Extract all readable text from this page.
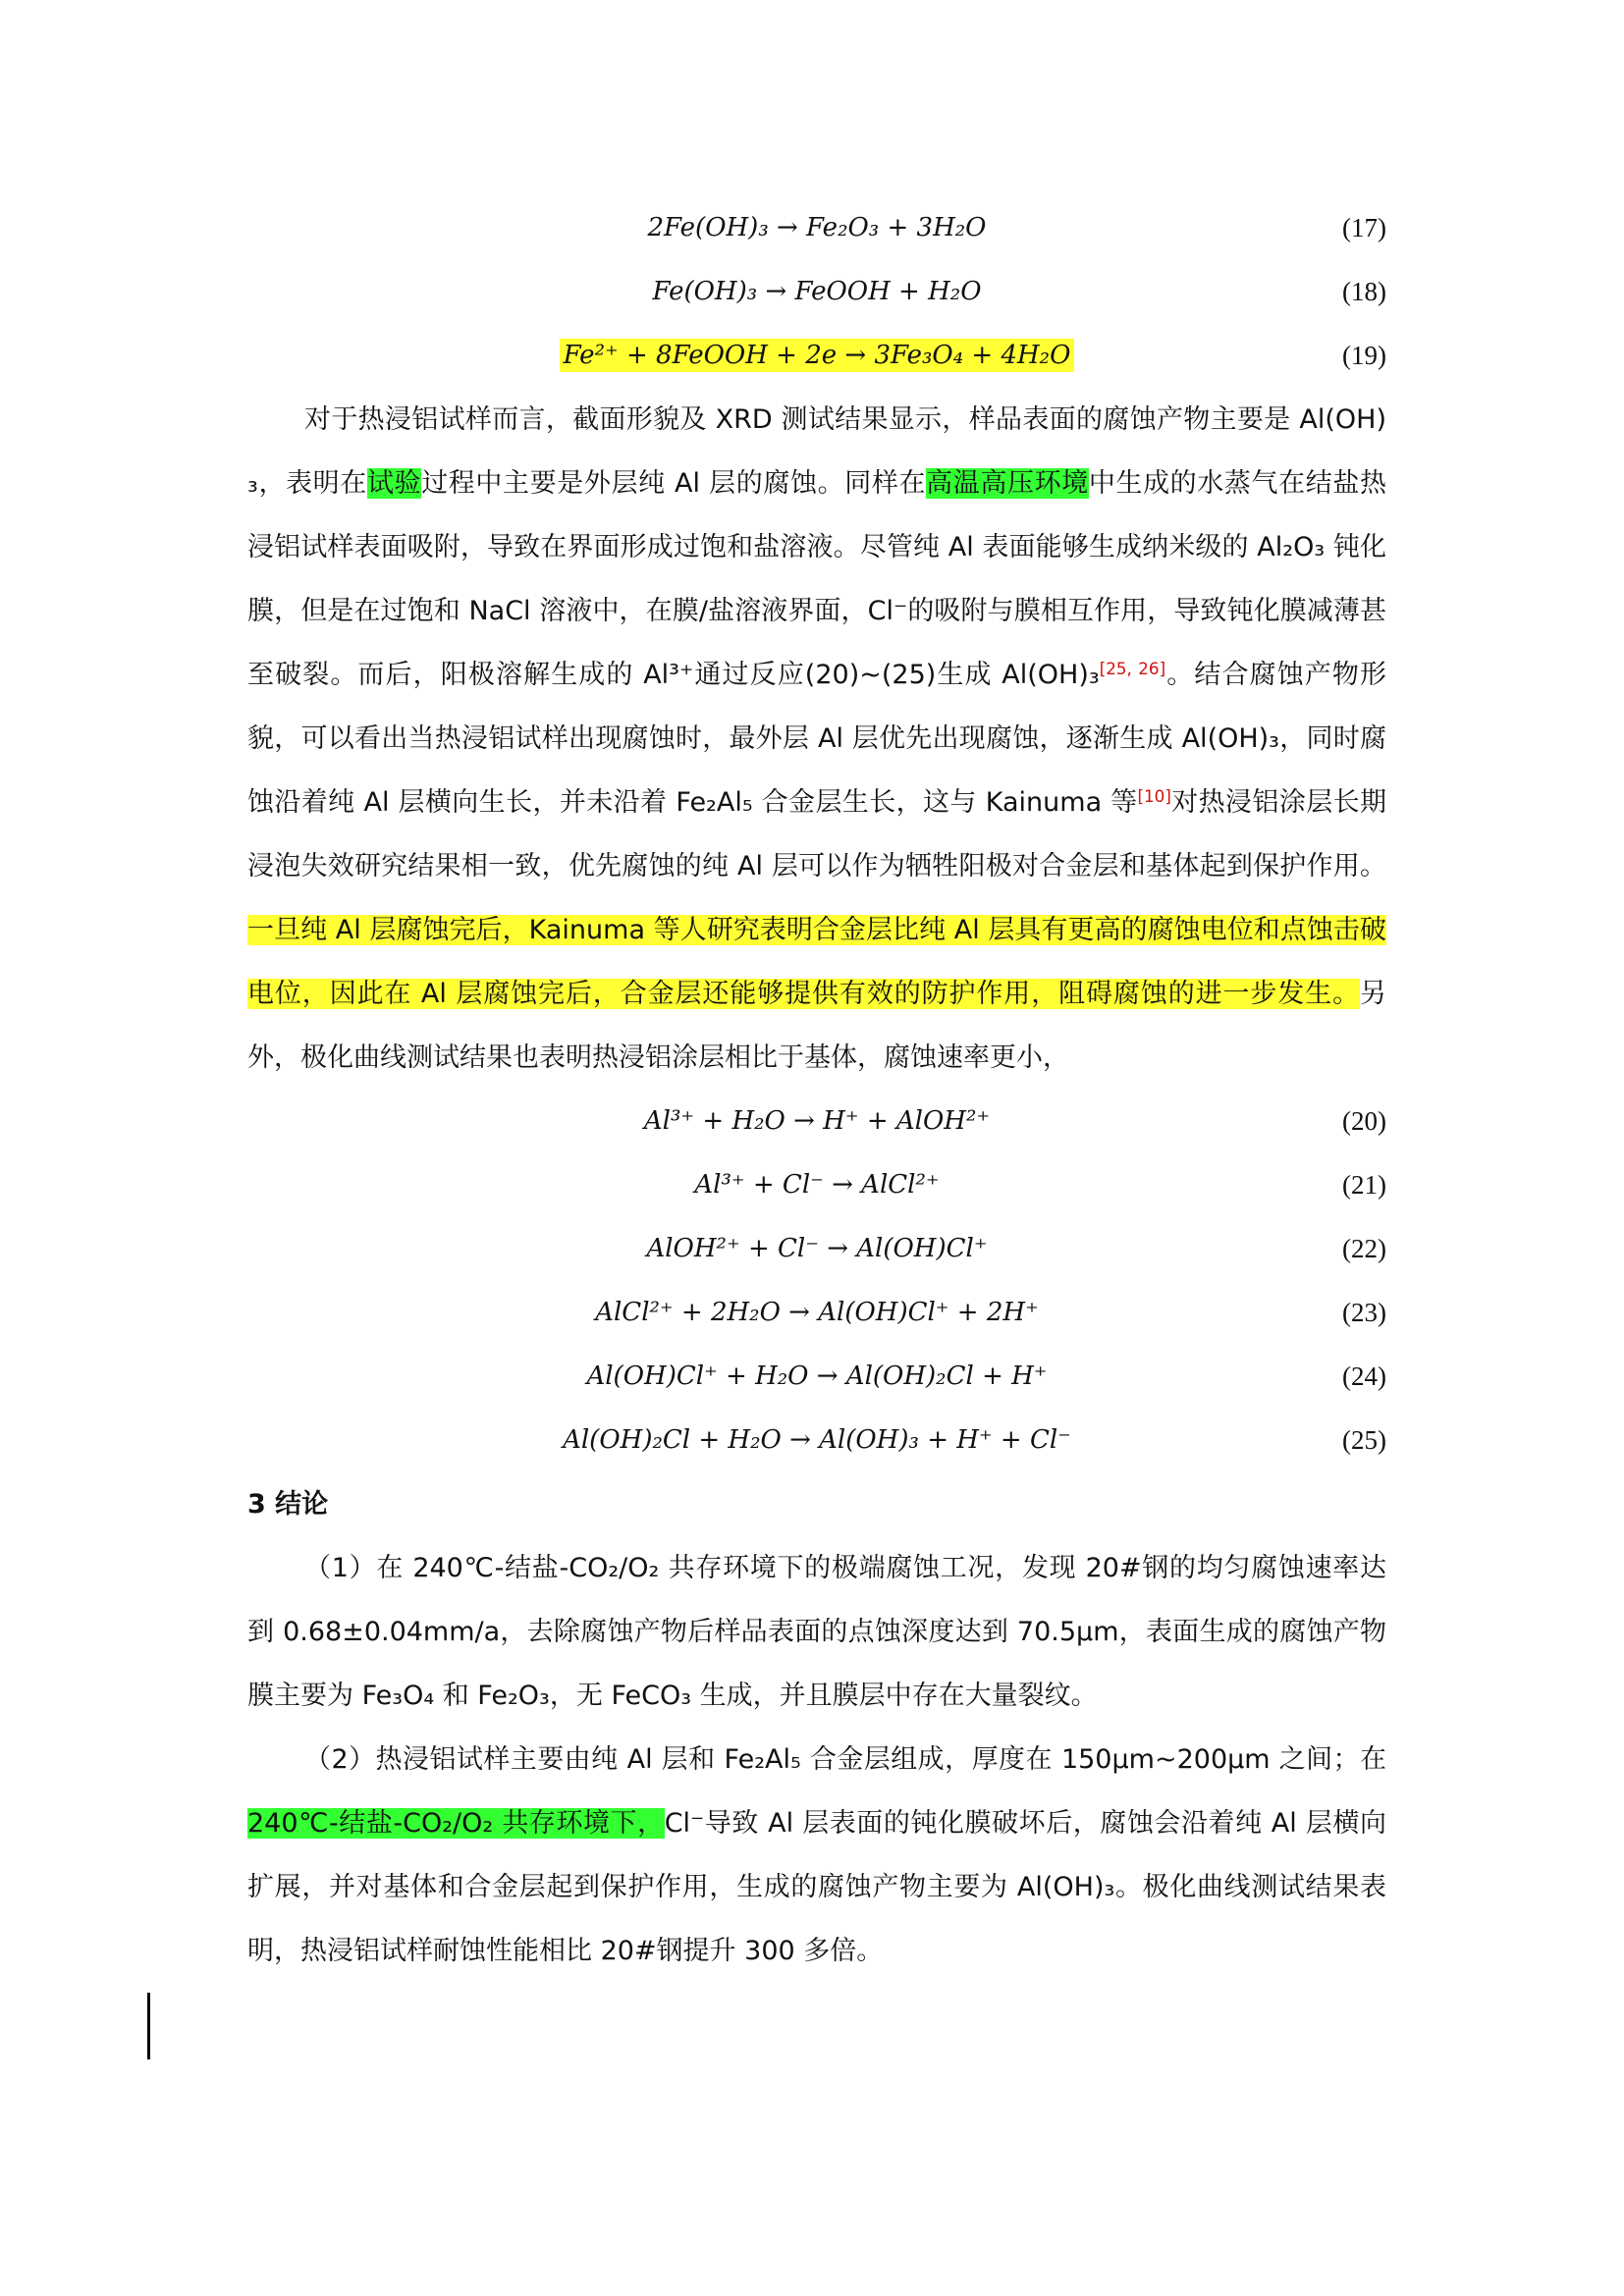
2Fe(OH)₃ → Fe₂O₃ + 3H₂O	(17)
Fe(OH)₃ → FeOOH + H₂O	(18)
Fe²⁺ + 8FeOOH + 2e → 3Fe₃O₄ + 4H₂O	(19)

对于热浸铝试样而言，截面形貌及 XRD 测试结果显示，样品表面的腐蚀产物主要是 Al(OH)₃，表明在试验过程中主要是外层纯 Al 层的腐蚀。同样在高温高压环境中生成的水蒸气在结盐热浸铝试样表面吸附，导致在界面形成过饱和盐溶液。尽管纯 Al 表面能够生成纳米级的 Al₂O₃ 钝化膜，但是在过饱和 NaCl 溶液中，在膜/盐溶液界面，Cl⁻的吸附与膜相互作用，导致钝化膜减薄甚至破裂。而后，阳极溶解生成的 Al³⁺通过反应(20)~(25)生成 Al(OH)₃[25, 26]。结合腐蚀产物形貌，可以看出当热浸铝试样出现腐蚀时，最外层 Al 层优先出现腐蚀，逐渐生成 Al(OH)₃，同时腐蚀沿着纯 Al 层横向生长，并未沿着 Fe₂Al₅ 合金层生长，这与 Kainuma 等[10]对热浸铝涂层长期浸泡失效研究结果相一致，优先腐蚀的纯 Al 层可以作为牺牲阳极对合金层和基体起到保护作用。一旦纯 Al 层腐蚀完后，Kainuma 等人研究表明合金层比纯 Al 层具有更高的腐蚀电位和点蚀击破电位，因此在 Al 层腐蚀完后，合金层还能够提供有效的防护作用，阻碍腐蚀的进一步发生。另外，极化曲线测试结果也表明热浸铝涂层相比于基体，腐蚀速率更小，

Al³⁺ + H₂O → H⁺ + AlOH²⁺	(20)
Al³⁺ + Cl⁻ → AlCl²⁺	(21)
AlOH²⁺ + Cl⁻ → Al(OH)Cl⁺	(22)
AlCl²⁺ + 2H₂O → Al(OH)Cl⁺ + 2H⁺	(23)
Al(OH)Cl⁺ + H₂O → Al(OH)₂Cl + H⁺	(24)
Al(OH)₂Cl + H₂O → Al(OH)₃ + H⁺ + Cl⁻	(25)

3 结论

（1）在 240℃-结盐-CO₂/O₂ 共存环境下的极端腐蚀工况，发现 20#钢的均匀腐蚀速率达到 0.68±0.04mm/a，去除腐蚀产物后样品表面的点蚀深度达到 70.5μm，表面生成的腐蚀产物膜主要为 Fe₃O₄ 和 Fe₂O₃，无 FeCO₃ 生成，并且膜层中存在大量裂纹。

（2）热浸铝试样主要由纯 Al 层和 Fe₂Al₅ 合金层组成，厚度在 150μm~200μm 之间；在240℃-结盐-CO₂/O₂ 共存环境下，Cl⁻导致 Al 层表面的钝化膜破坏后，腐蚀会沿着纯 Al 层横向扩展，并对基体和合金层起到保护作用，生成的腐蚀产物主要为 Al(OH)₃。极化曲线测试结果表明，热浸铝试样耐蚀性能相比 20#钢提升 300 多倍。
